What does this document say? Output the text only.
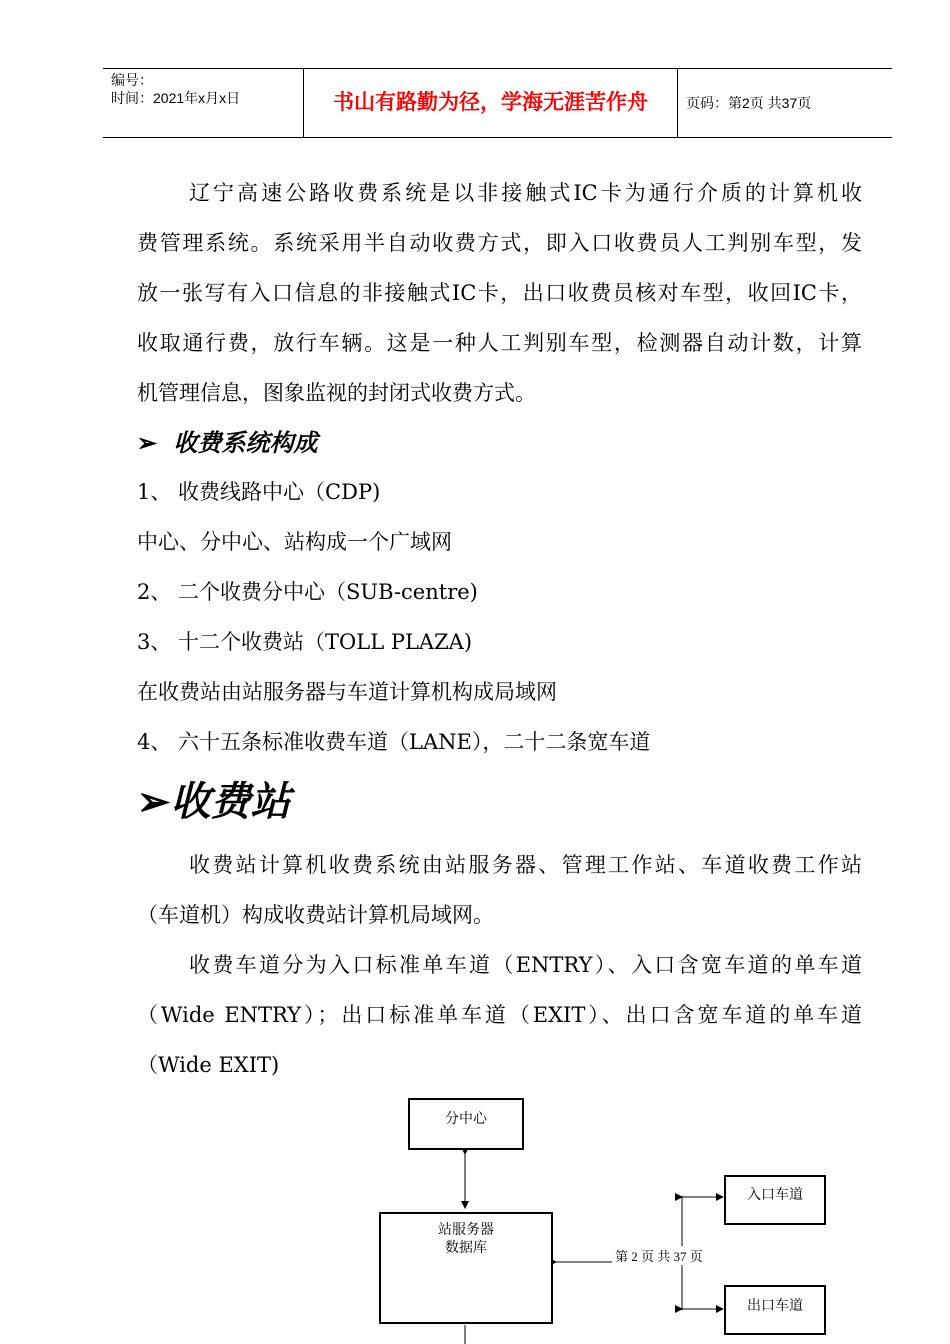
编号：
时间：2021年x月x日	书山有路勤为径，学海无涯苦作舟	页码：第2页 共37页
辽宁高速公路收费系统是以非接触式IC卡为通行介质的计算机收
费管理系统。系统采用半自动收费方式，即入口收费员人工判别车型，发
放一张写有入口信息的非接触式IC卡，出口收费员核对车型，收回IC卡，
收取通行费，放行车辆。这是一种人工判别车型，检测器自动计数，计算
机管理信息，图象监视的封闭式收费方式。
➢ 收费系统构成
1、 收费线路中心（CDP)
中心、分中心、站构成一个广域网
2、 二个收费分中心（SUB-centre)
3、 十二个收费站（TOLL PLAZA)
在收费站由站服务器与车道计算机构成局域网
4、 六十五条标准收费车道（LANE），二十二条宽车道
➢收费站
收费站计算机收费系统由站服务器、管理工作站、车道收费工作站
（车道机）构成收费站计算机局域网。
收费车道分为入口标准单车道（ENTRY）、入口含宽车道的单车道
（Wide ENTRY）；出口标准单车道（EXIT）、出口含宽车道的单车道
（Wide EXIT)
分中心
站服务器
数据库
入口车道
出口车道
第 2 页 共 37 页
